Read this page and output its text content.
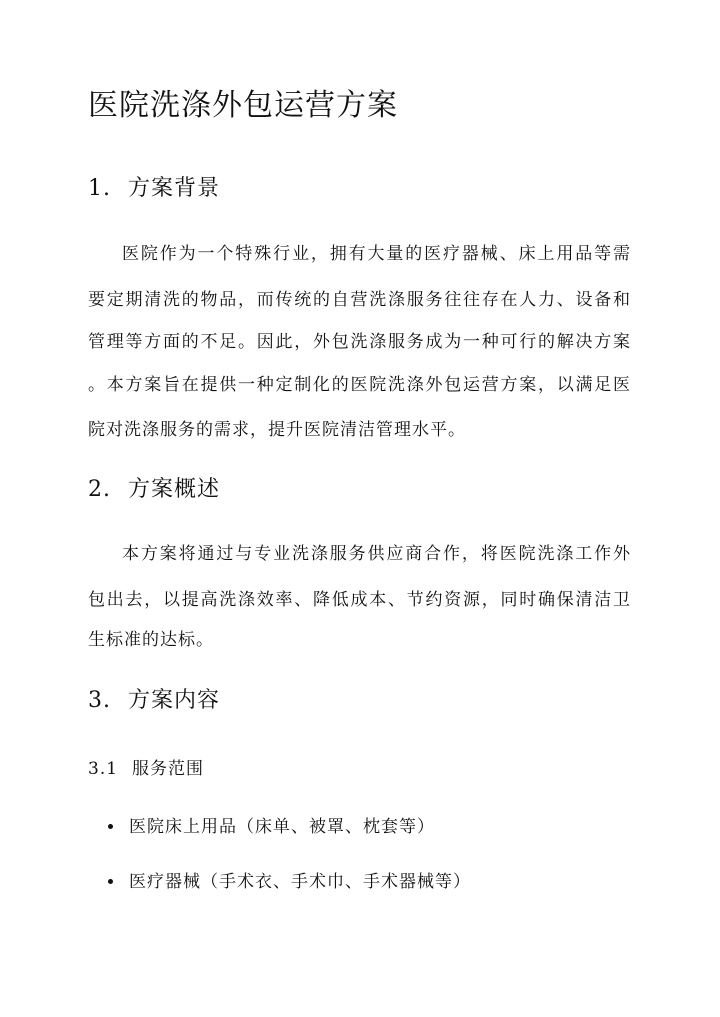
医院洗涤外包运营方案
1. 方案背景
医院作为一个特殊行业，拥有大量的医疗器械、床上用品等需
要定期清洗的物品，而传统的自营洗涤服务往往存在人力、设备和
管理等方面的不足。因此，外包洗涤服务成为一种可行的解决方案
。本方案旨在提供一种定制化的医院洗涤外包运营方案，以满足医
院对洗涤服务的需求，提升医院清洁管理水平。
2. 方案概述
本方案将通过与专业洗涤服务供应商合作，将医院洗涤工作外
包出去，以提高洗涤效率、降低成本、节约资源，同时确保清洁卫
生标准的达标。
3. 方案内容
3.1 服务范围
医院床上用品（床单、被罩、枕套等）
医疗器械（手术衣、手术巾、手术器械等）
